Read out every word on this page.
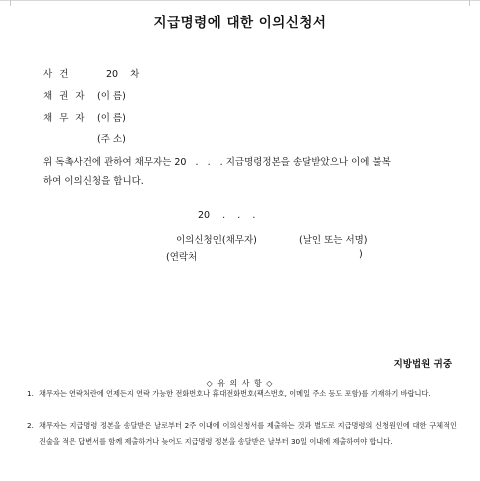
지급명령에 대한 이의신청서
사 건	20    차
채 권 자 (이 름)
채 무 자 (이 름)
(주 소)
위 독촉사건에 관하여 채무자는 20   .   .   . 지급명령정본을 송달받았으나 이에 불복
하여 이의신청을 합니다.
20    .    .    .
이의신청인(채무자)	(날인 또는 서명)
(연락처	)
지방법원 귀중
◇ 유 의 사 항 ◇
1. 채무자는 연락처란에 언제든지 연락 가능한 전화번호나 휴대전화번호(팩스번호, 이메일 주소 등도 포함)를 기재하기 바랍니다.
2. 채무자는 지급명령 정본을 송달받은 날로부터 2주 이내에 이의신청서를 제출하는 것과 별도로 지급명령의 신청원인에 대한 구체적인 진술을 적은 답변서를 함께 제출하거나 늦어도 지급명령 정본을 송달받은 날부터 30일 이내에 제출하여야 합니다.
